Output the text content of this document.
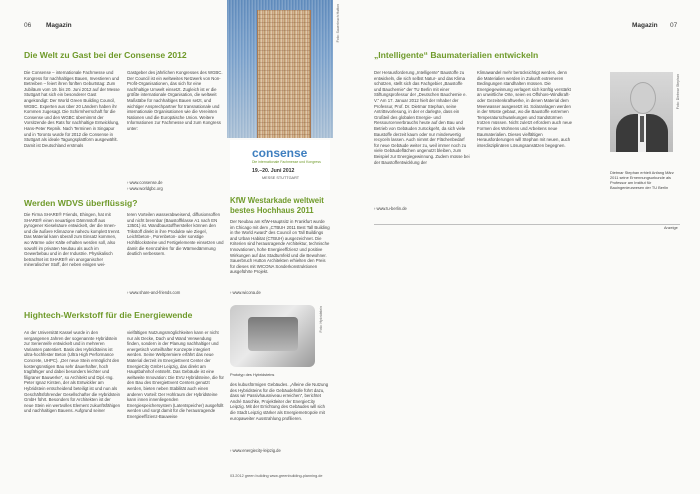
06 Magazin
Die Welt zu Gast bei der Consense 2012

Die Consense – internationale Fachmesse und Kongress für nachhaltiges Bauen, Investieren und Betreiben – feiert ihren fünften Geburtstag: Zum Jubiläum vom 19. bis 20. Juni 2012 auf der Messe Stuttgart hat sich ein besonderer Gast angekündigt: Der World Green Building Council, WGBC. Experten aus über 20 Ländern haben ihr Kommen zugesagt. Die Schirmherrschaft für die Consense und den WGBC übernimmt der Vorsitzende des Rats für nachhaltige Entwicklung, Hans-Peter Repnik. Nach Terminen in Singapur und in Toronto wurde für 2012 die Consense in Stuttgart als ideale Tagungsplattform ausgewählt. Damit ist Deutschland erstmals

Gastgeber des jährlichen Kongresses des WGBC. Der Council ist ein weltweites Netzwerk von Non-Profit-Organisationen, das sich für eine nachhaltige Umwelt einsetzt. Zugleich ist er die größte internationale Organisation, die weltweit Maßstäbe für nachhaltiges Bauen setzt, und wichtiger Ansprechpartner für transnationale und internationale Organisationen wie die Vereinten Nationen und die Europäische Union. Weitere Informationen zur Fachmesse und zum Kongress unter:

› www.consense.de
› www.worldgbc.org
Foto: Sauerbruch Hutton
consense
Die internationale Fachmesse und Kongress
19.–20. Juni 2012
MESSE STUTTGART
Werden WDVS überflüssig?

Die Firma SHARE® Friends, Ehingen, hat mit SHARE® einen neuartigen Dämmstoff aus pyrogener Kieselsäure entwickelt, der die Innen- und die äußere Klimazone nahezu komplett trennt. Das Material kann überall zum Einsatz kommen, wo Wärme oder Kälte erhalten werden soll, also sowohl im privaten Neubau als auch im Gewerbebau und in der Industrie. Physikalisch betrachtet ist SHARE® ein anorganischer mineralischer Stoff, der neben einigen wei-

teren Vorteilen wasserabweisend, diffusionsoffen und nicht brennbar (Baustoffklasse A1 nach EN 13501) ist. Wandbaustoffhersteller können den Trikstoff direkt in ihre Produkte wie Ziegel, Leichtbeton-, Porenbeton- oder sonstige Hohlblocksteine und Fertigelemente einsetzen und damit die Kennzahlen für die Wärmedämmung deutlich verbessern.

› www.share-and-friends.com
KfW Westarkade weltweit bestes Hochhaus 2011

Der Neubau am KfW-Hauptsitz in Frankfurt wurde im Chicago mit dem „CTBUH 2011 Best Tall Building in the World Award“ des Council on Tall Buildings and Urban Habitat (CTBUH) ausgezeichnet. Die Kriterien sind herausragende Architektur, technische Innovationen, hohe Energieeffizienz und positive Wirkungen auf das Stadtumfeld und die Bewohner. Sauerbruch Hutton Architekten erhielten den Preis für dieses mit WICONA Sonderkonstruktionen ausgeführte Projekt.

› www.wicona.de
Hightech-Werkstoff für die Energiewende

An der Universität Kassel wurde in den vergangenen Jahren der sogenannte Hybridstein zur Serienreife entwickelt und in mehreren Varianten patentiert. Basis des Hybridsteins ist ultra-hochfester Beton (Ultra High Performance Concrete, UHPC). „Der neue Stein ermöglicht den kostengünstigen Bau sehr dauerhafter, hoch tragfähiger und dabei besonders leichter und filigraner Bauwerke“, so Architekt und Dipl.-Ing. Peter Ignaz Kirsten, der als Entwickler am Hybridstein entscheidend beteiligt ist und nun als Geschäftsführender Gesellschafter die Hybridstein GmbH führt. Besonders für Architekten ist der neue Stein ein wertvolles Element zukunftsfähigen und nachhaltigen Bauens. Aufgrund seiner

vielfältigen Nutzungsmöglichkeiten kann er nicht nur als Decke, Dach und Wand Verwendung finden, sondern in der Planung nachhaltiger und energetisch vorteilhafter Konzepte integriert werden. Seine Weltpremiere erfährt das neue Material derzeit im EnergieEvent Center der EnergieCity GmbH Leipzig, das direkt am Hauptbahnhof entsteht. Das Gebäude ist eine weltweite Innovation: Die EVU Hybridsteine, die für den Bau des EnergieEvent Centers genutzt werden, bieten neben Stabilität auch einen anderen Vorteil: Der Hohlraum der Hybridsteine kann innen innenliegenden Energiespeichersystem (Latentspeicher) ausgefüllt werden und sorgt damit für die herausragende Energieeffizienz-Bauweise

Foto: Hybridstein
Prototyp des Hybridsteins

des kubusförmigen Gebäudes. „Alleine die Nutzung des Hybridsteins für die Gebäudehülle führt dazu, dass wir Passivhausniveau erreichen“, berichtet André Saschke, Projektleiter der EnergieCity Leipzig. Mit der Errichtung des Gebäudes will sich die Stadt Leipzig stärker als Energiemetropole mit europaweiter Ausstrahlung profilieren.

› www.energiecity-leipzig.de
03.2012 green building www.greenbuilding-planning.de
Magazin 07
„Intelligente“ Baumaterialien entwickeln

Der Herausforderung „Intelligente“ Baustoffe zu entwickeln, die sich selbst Natur- und das Klima schützen, stellt sich das Fachgebiet „Baustoffe und Bauchemie“ der TU Berlin mit einer Stiftungsprofessur der „Deutschen Bauchemie e. V.“ Am 17. Januar 2012 hielt der Inhaber der Professur, Prof. Dr. Dietmar Stephan, seine Antrittsvorlesung, in der er darlegte, dass ein Großteil des globalen Energie- und Ressourcenverbrauchs heute auf den Bau und Betrieb von Gebäuden zurückgeht, da sich viele Baustoffe derzeit kaum oder nur minderwertig recyceln lassen. Auch nimmt der Flächenbedarf für neue Gebäude weiter zu, weil immer noch zu viele Gebäudeflächen ungenutzt bleiben, zum Beispiel zur Energiegewinnung. Zudem müsse bei der Baustoffentwicklung der

Klimawandel mehr berücksichtigt werden, denn die Materialien werden in Zukunft extremeren Bedingungen standhalten müssen. Die Energiegewinnung verlagert sich künftig verstärkt an unwirtliche Orte, seien es Offshore-Windkraft- oder Gezeitenkraftwerke, in denen Material dem Meerwasser ausgesetzt ist. Solaranlagen werden in der Wüste gebaut, wo die Baustoffe extremen Temperaturschwankungen und Sandstürmen trotzen müssen. Nicht zuletzt erfordern auch neue Formen des Wohnens und Arbeitens neue Baumaterialien. Dieses vielfältigen Herausforderungen will Stephan mit neuen, auch interdisziplinären Lösungsansätzen begegnen.

› www.tu-berlin.de
Dietmar Stephan erhielt Anfang März 2011 seine Ernennungsurkunde als Professor am Institut für Bauingenieurwesen der TU Berlin
Anzeige
Foto: Dietmar Stephan
